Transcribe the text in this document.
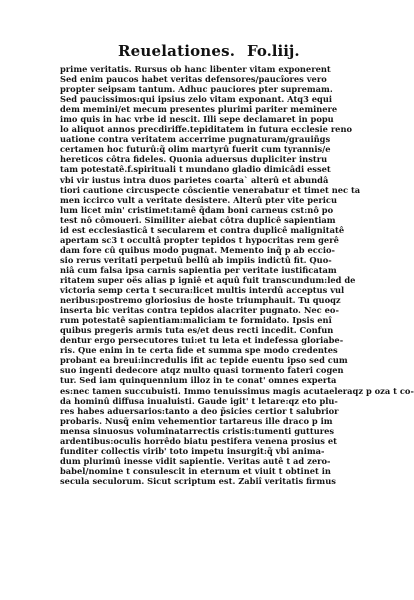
Reuelationes. Fo.liij.
prime veritatis. Rursus ob hanc libenter vitam exponerent
Sed enim paucos habet veritas defensores/paucîores vero
propter seipsam tantum. Adhuc pauciores pter supremam.
Sed paucissimos:qui ipsius zelo vitam exponant. Atq3 equi
dem memini/et mecum presentes plurimi pariter meminere
imo quis in hac vrbe id nescit. Illi sepe declamaret in popu
lo aliquot annos precdiriffe.tepiditatem in futura ecclesie reno
uatione contra veritatem accerrime pugnaturam/grauiñgs
certamen hoc futurû:q̃ olim martyrû fuerit cum tyrannis/e
hereticos côtra fideles. Quonia aduersus dupliciter instru
tam potestatê.f.spirituali t mundano gladio dimicâdi esset
vbi vir iustus intra duos parietes coarta` alterû et abundâ
tiori cautione circuspecte côscientie venerabatur et timet nec ta
men iccirco vult a veritate desistere. Alterû pter vite pericu
lum licet min' cristimet:tamê q̃dam boni carneus cst:nô po
test nô cômoueri. Similiter aiebat côtra duplicê sapientiam
id est ecclesiasticâ t secularem et contra duplicê malignitatê
apertam sc3 t occultâ propter tepidos t hypocritas rem gerê
dam fore cû quibus modo pugnat. Memento inq̃ p ab eccio-
sio rerus veritati perpetuû bellû ab impiis indictû fit. Quo-
niâ cum falsa ipsa carnis sapientia per veritate iustificatam
ritatem super oës alias p igniê et aquû fuit transcundum:led de
victoria semp certa t secura:licet multis interdû acceptus vul
neribus:postremo gloriosius de hoste triumphauit. Tu quoqz
inserta bic veritas contra tepidos alacriter pugnato. Nec eo-
rum potestatê sapientiam:maliciam te formidato. Ipsis enî
quibus pregeris armis tuta es/et deus recti incedit. Confun
dentur ergo persecutores tui:et tu leta et indefessa gloriabe-
ris. Que enim in te certa fide et summa spe modo credentes
probant ea breui:incredulis ifit ac tepide euentu ipso sed cum
suo ingenti dedecore atqz multo quasi tormento fateri cogen
tur. Sed iam quinquennium illoz in te conat' omnes experta
es:nec tamen succubuisti. Immo tenuissimus magis acutaeleraqz p oza t co-
da hominû diffusa inualuisti. Gaude igit' t letare:qz eto plu-
res habes aduersarios:tanto a deo p̃sicies certior t salubrior
probaris. Nusq̃ enim vehementior tartareus ille draco p im
mensa sinuosus voluminatarrectis cristis:tumenti guttures
ardentibus:oculis horrêdo biatu pestifera venena prosius et
funditer collectis virib' toto impetu insurgit:q̃ vbi anima-
dum plurimû inesse vidit sapientie. Veritas autê t ad zero-
babel/nomine t consulescit in eternum et viuit t obtinet in
secula seculorum. Sicut scriptum est. Zabiî veritatis firmus
